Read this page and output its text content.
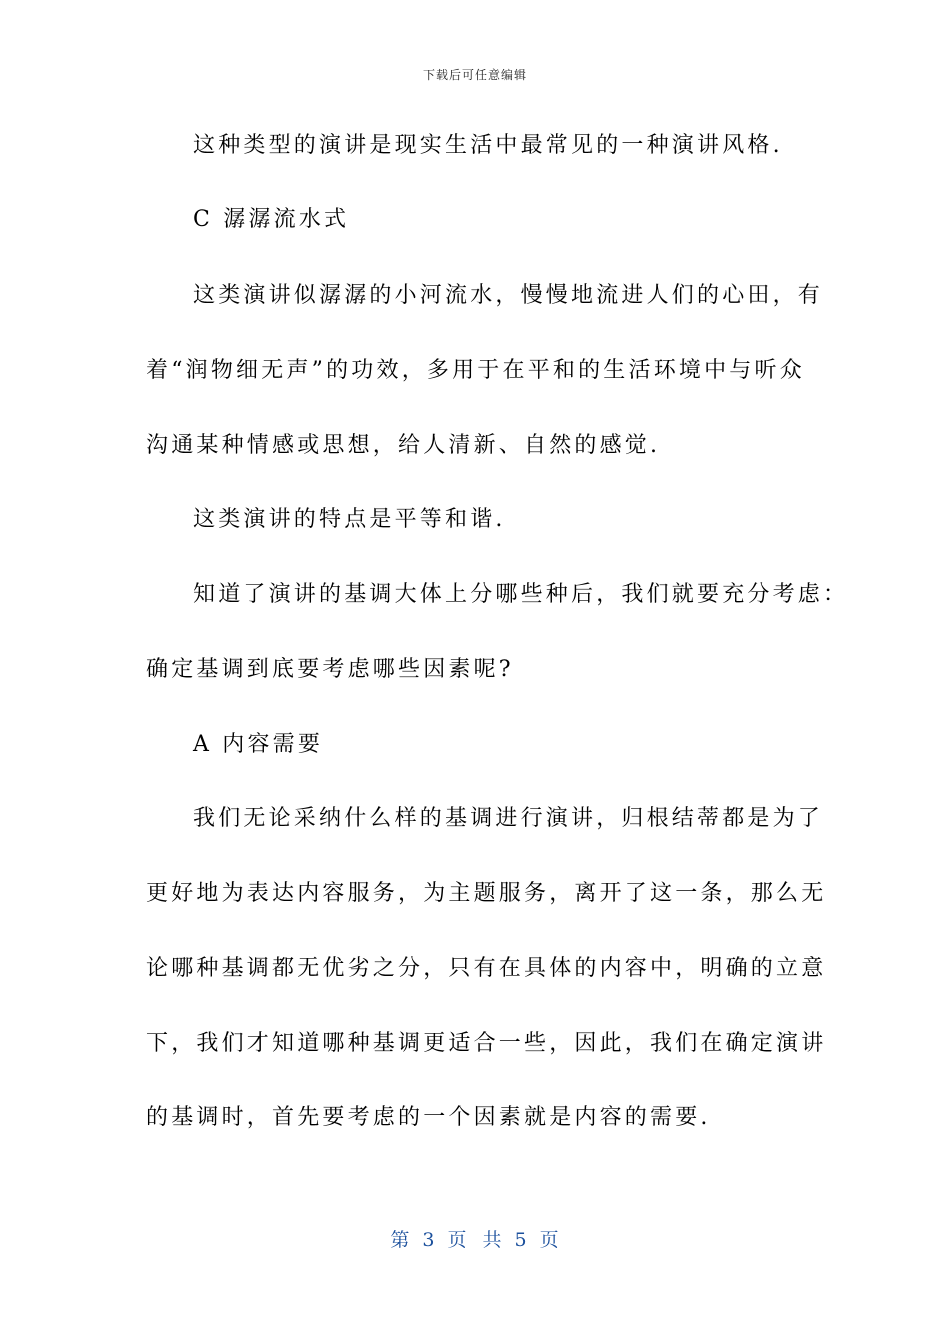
下载后可任意编辑
这种类型的演讲是现实生活中最常见的一种演讲风格.
C 潺潺流水式
这类演讲似潺潺的小河流水，慢慢地流进人们的心田，有
着“润物细无声”的功效，多用于在平和的生活环境中与听众
沟通某种情感或思想，给人清新、自然的感觉.
这类演讲的特点是平等和谐.
知道了演讲的基调大体上分哪些种后，我们就要充分考虑：
确定基调到底要考虑哪些因素呢?
A 内容需要
我们无论采纳什么样的基调进行演讲，归根结蒂都是为了
更好地为表达内容服务，为主题服务，离开了这一条，那么无
论哪种基调都无优劣之分，只有在具体的内容中，明确的立意
下，我们才知道哪种基调更适合一些，因此，我们在确定演讲
的基调时，首先要考虑的一个因素就是内容的需要.
第 3 页 共 5 页
